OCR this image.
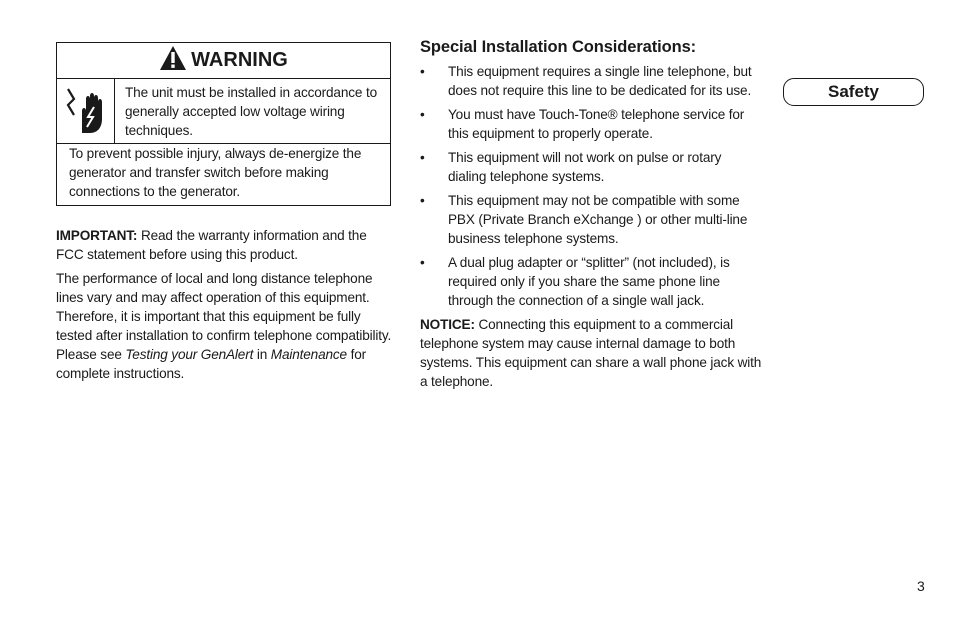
WARNING
The unit must be installed in accordance to generally accepted low voltage wiring techniques.
To prevent possible injury, always de-energize the generator and transfer switch before making connections to the generator.

IMPORTANT: Read the warranty information and the FCC statement before using this product.

The performance of local and long distance telephone lines vary and may affect operation of this equipment. Therefore, it is important that this equipment be fully tested after installation to confirm telephone compatibility. Please see Testing your GenAlert in Maintenance for complete instructions.

Special Installation Considerations:
• This equipment requires a single line telephone, but does not require this line to be dedicated for its use.
• You must have Touch-Tone® telephone service for this equipment to properly operate.
• This equipment will not work on pulse or rotary dialing telephone systems.
• This equipment may not be compatible with some PBX (Private Branch eXchange ) or other multi-line business telephone systems.
• A dual plug adapter or “splitter” (not included), is required only if you share the same phone line through the connection of a single wall jack.

NOTICE: Connecting this equipment to a commercial telephone system may cause internal damage to both systems. This equipment can share a wall phone jack with a telephone.

Safety
3
